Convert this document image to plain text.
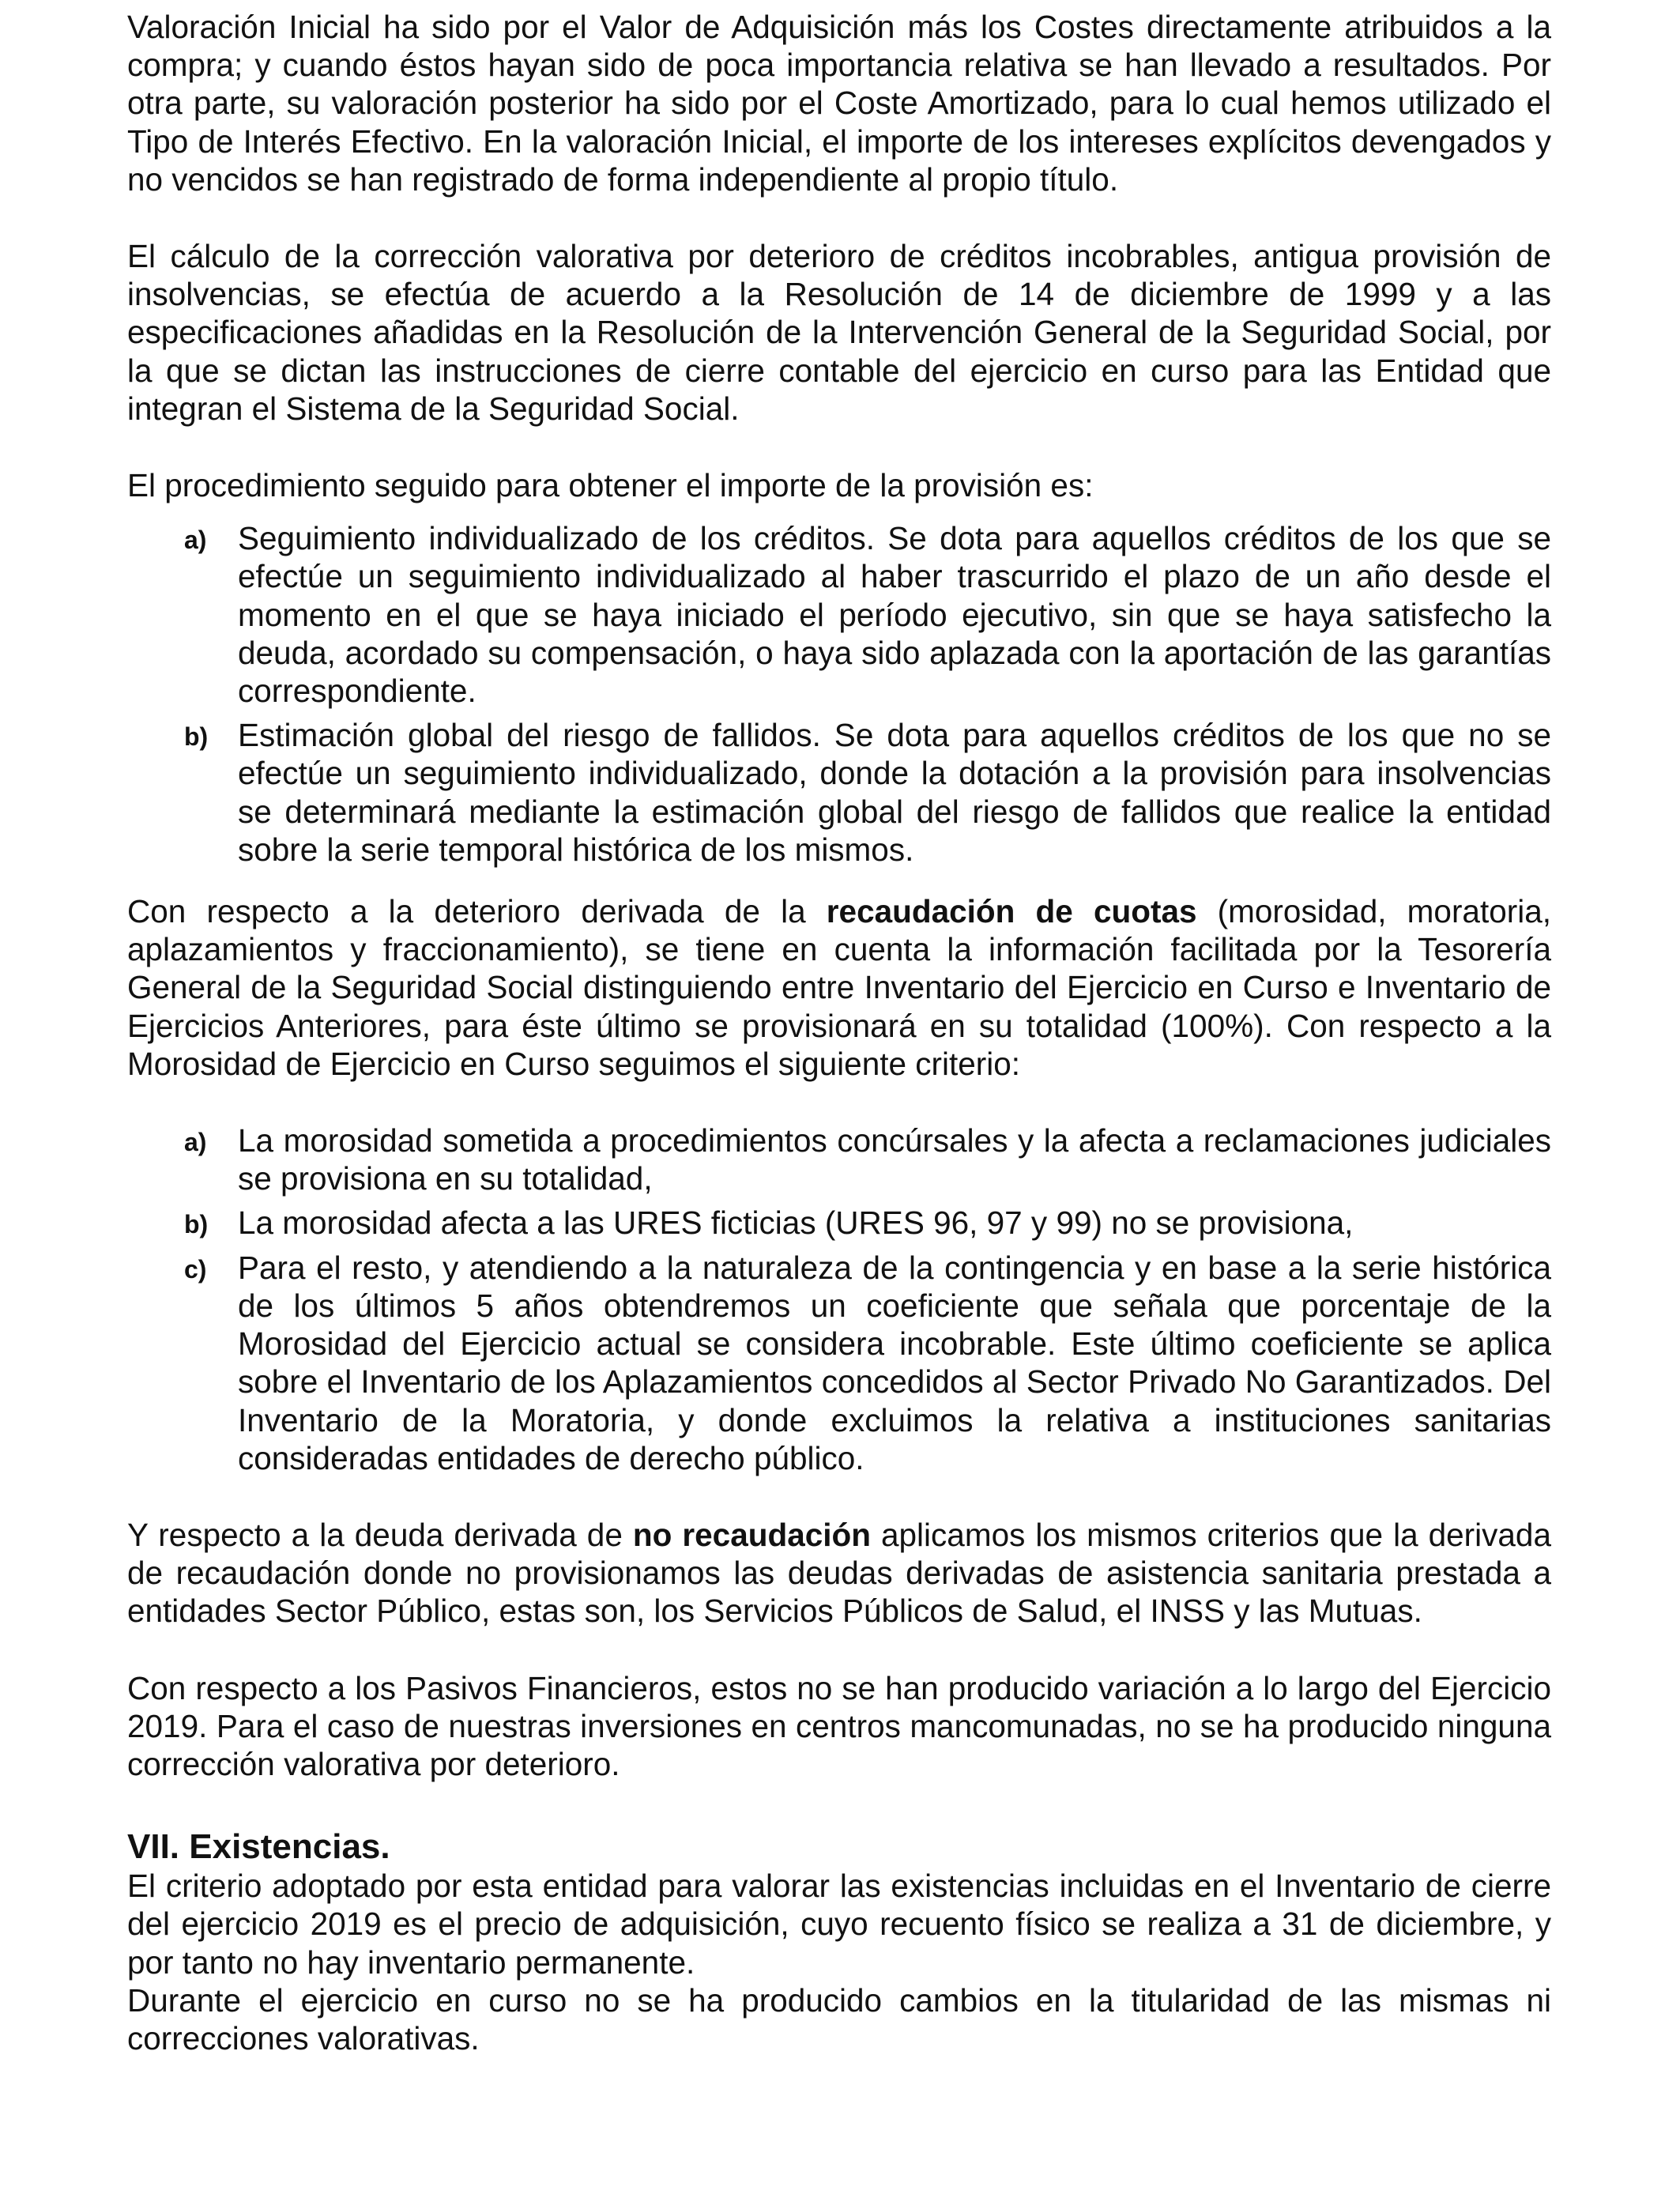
Valoración Inicial ha sido por el Valor de Adquisición más los Costes directamente atribuidos a la compra; y cuando éstos hayan sido de poca importancia relativa se han llevado a resultados. Por otra parte, su valoración posterior ha sido por el Coste Amortizado, para lo cual hemos utilizado el Tipo de Interés Efectivo. En la valoración Inicial, el importe de los intereses explícitos devengados y no vencidos se han registrado de forma independiente al propio título.

El cálculo de la corrección valorativa por deterioro de créditos incobrables, antigua provisión de insolvencias, se efectúa de acuerdo a la Resolución de 14 de diciembre de 1999 y a las especificaciones añadidas en la Resolución de la Intervención General de la Seguridad Social, por la que se dictan las instrucciones de cierre contable del ejercicio en curso para las Entidad que integran el Sistema de la Seguridad Social.

El procedimiento seguido para obtener el importe de la provisión es:

a) Seguimiento individualizado de los créditos. Se dota para aquellos créditos de los que se efectúe un seguimiento individualizado al haber trascurrido el plazo de un año desde el momento en el que se haya iniciado el período ejecutivo, sin que se haya satisfecho la deuda, acordado su compensación, o haya sido aplazada con la aportación de las garantías correspondiente.
b) Estimación global del riesgo de fallidos. Se dota para aquellos créditos de los que no se efectúe un seguimiento individualizado, donde la dotación a la provisión para insolvencias se determinará mediante la estimación global del riesgo de fallidos que realice la entidad sobre la serie temporal histórica de los mismos.

Con respecto a la deterioro derivada de la recaudación de cuotas (morosidad, moratoria, aplazamientos y fraccionamiento), se tiene en cuenta la información facilitada por la Tesorería General de la Seguridad Social distinguiendo entre Inventario del Ejercicio en Curso e Inventario de Ejercicios Anteriores, para éste último se provisionará en su totalidad (100%). Con respecto a la Morosidad de Ejercicio en Curso seguimos el siguiente criterio:

a) La morosidad sometida a procedimientos concúrsales y la afecta a reclamaciones judiciales se provisiona en su totalidad,
b) La morosidad afecta a las URES ficticias (URES 96, 97 y 99) no se provisiona,
c) Para el resto, y atendiendo a la naturaleza de la contingencia y en base a la serie histórica de los últimos 5 años obtendremos un coeficiente que señala que porcentaje de la Morosidad del Ejercicio actual se considera incobrable. Este último coeficiente se aplica sobre el Inventario de los Aplazamientos concedidos al Sector Privado No Garantizados. Del Inventario de la Moratoria, y donde excluimos la relativa a instituciones sanitarias consideradas entidades de derecho público.

Y respecto a la deuda derivada de no recaudación aplicamos los mismos criterios que la derivada de recaudación donde no provisionamos las deudas derivadas de asistencia sanitaria prestada a entidades Sector Público, estas son, los Servicios Públicos de Salud, el INSS y las Mutuas.

Con respecto a los Pasivos Financieros, estos no se han producido variación a lo largo del Ejercicio 2019. Para el caso de nuestras inversiones en centros mancomunadas, no se ha producido ninguna corrección valorativa por deterioro.

VII. Existencias.

El criterio adoptado por esta entidad para valorar las existencias incluidas en el Inventario de cierre del ejercicio 2019 es el precio de adquisición, cuyo recuento físico se realiza a 31 de diciembre, y por tanto no hay inventario permanente.

Durante el ejercicio en curso no se ha producido cambios en la titularidad de las mismas ni correcciones valorativas.
